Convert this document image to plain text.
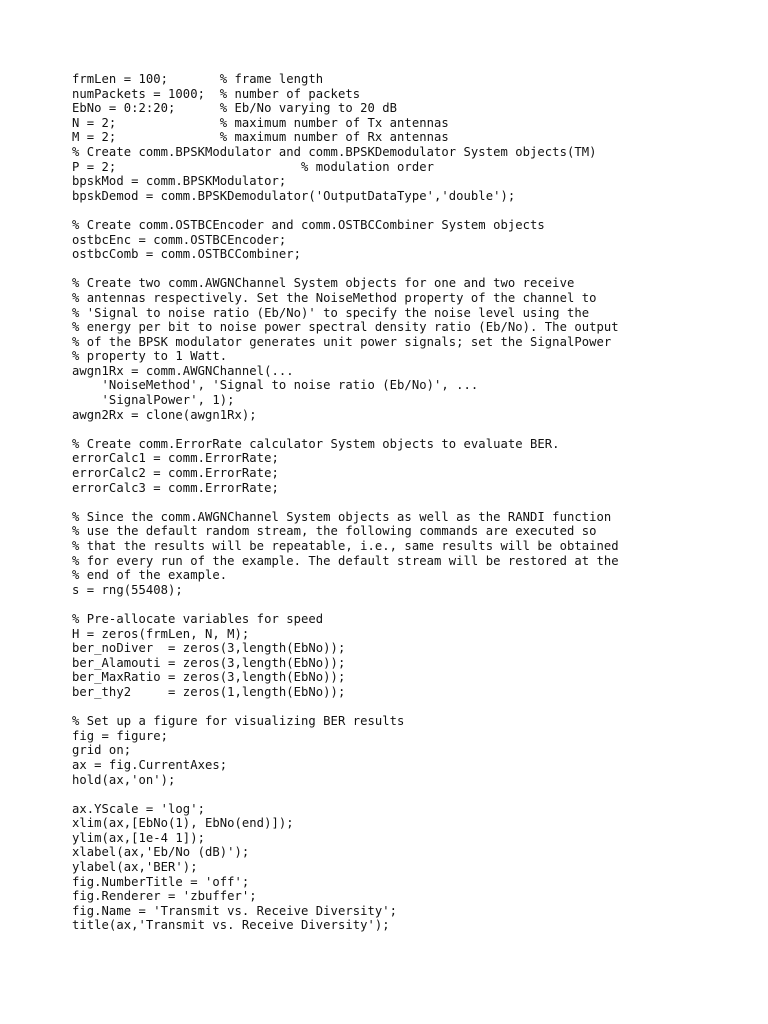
frmLen = 100;       % frame length
numPackets = 1000;  % number of packets
EbNo = 0:2:20;      % Eb/No varying to 20 dB
N = 2;              % maximum number of Tx antennas
M = 2;              % maximum number of Rx antennas
% Create comm.BPSKModulator and comm.BPSKDemodulator System objects(TM)
P = 2;                         % modulation order
bpskMod = comm.BPSKModulator;
bpskDemod = comm.BPSKDemodulator('OutputDataType','double');
% Create comm.OSTBCEncoder and comm.OSTBCCombiner System objects
ostbcEnc = comm.OSTBCEncoder;
ostbcComb = comm.OSTBCCombiner;
% Create two comm.AWGNChannel System objects for one and two receive
% antennas respectively. Set the NoiseMethod property of the channel to
% 'Signal to noise ratio (Eb/No)' to specify the noise level using the
% energy per bit to noise power spectral density ratio (Eb/No). The output
% of the BPSK modulator generates unit power signals; set the SignalPower
% property to 1 Watt.
awgn1Rx = comm.AWGNChannel(...
'NoiseMethod', 'Signal to noise ratio (Eb/No)', ...
'SignalPower', 1);
awgn2Rx = clone(awgn1Rx);
% Create comm.ErrorRate calculator System objects to evaluate BER.
errorCalc1 = comm.ErrorRate;
errorCalc2 = comm.ErrorRate;
errorCalc3 = comm.ErrorRate;
% Since the comm.AWGNChannel System objects as well as the RANDI function
% use the default random stream, the following commands are executed so
% that the results will be repeatable, i.e., same results will be obtained
% for every run of the example. The default stream will be restored at the
% end of the example.
s = rng(55408);
% Pre-allocate variables for speed
H = zeros(frmLen, N, M);
ber_noDiver  = zeros(3,length(EbNo));
ber_Alamouti = zeros(3,length(EbNo));
ber_MaxRatio = zeros(3,length(EbNo));
ber_thy2     = zeros(1,length(EbNo));
% Set up a figure for visualizing BER results
fig = figure;
grid on;
ax = fig.CurrentAxes;
hold(ax,'on');
ax.YScale = 'log';
xlim(ax,[EbNo(1), EbNo(end)]);
ylim(ax,[1e-4 1]);
xlabel(ax,'Eb/No (dB)');
ylabel(ax,'BER');
fig.NumberTitle = 'off';
fig.Renderer = 'zbuffer';
fig.Name = 'Transmit vs. Receive Diversity';
title(ax,'Transmit vs. Receive Diversity');
